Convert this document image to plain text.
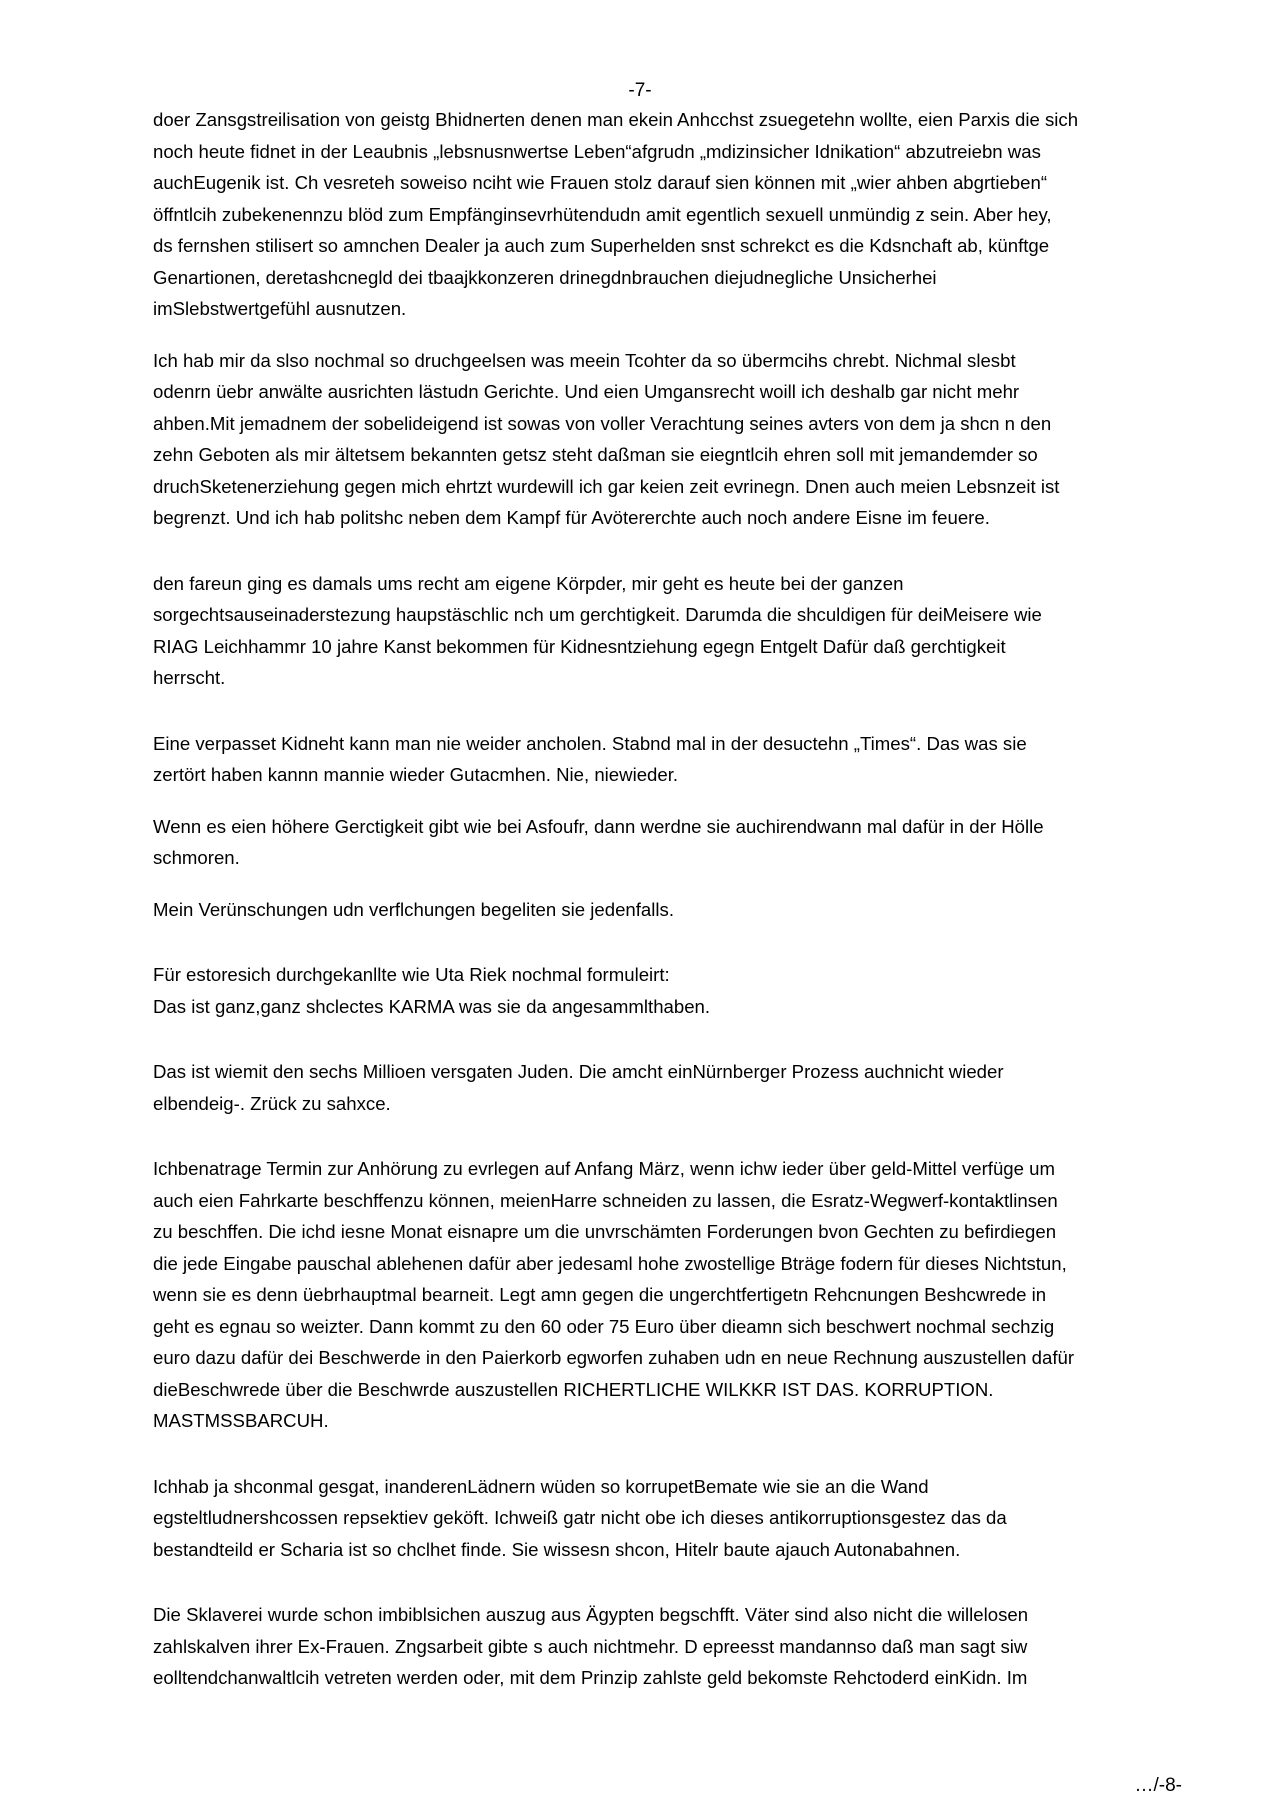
-7-

doer Zansgstreilisation von geistg Bhidnerten denen man ekein Anhcchst zsuegetehn wollte, eien Parxis die sich
noch heute fidnet in der Leaubnis „lebsnusnwertse Leben“afgrudn „mdizinsicher Idnikation“ abzutreiebn was
auchEugenik ist. Ch vesreteh soweiso nciht wie Frauen stolz darauf sien können mit „wier ahben abgrtieben“
öffntlcih zubekenennzu blöd zum Empfänginsevrhütendudn amit egentlich sexuell unmündig z sein. Aber hey,
ds fernshen stilisert so amnchen Dealer ja auch zum Superhelden snst schrekct es die Kdsnchaft ab, künftge
Genartionen, deretashcnegld dei tbaajkkonzeren drinegdnbrauchen diejudnegliche Unsicherhei
imSlebstwertgefühl ausnutzen.

Ich hab mir da slso nochmal so druchgeelsen was meein Tcohter da so übermcihs chrebt. Nichmal slesbt
odenrn üebr anwälte ausrichten lästudn Gerichte. Und eien Umgansrecht woill ich deshalb gar nicht mehr
ahben.Mit jemadnem der sobelideigend ist sowas von voller Verachtung seines avters von dem ja shcn n den
zehn Geboten als mir ältetsem bekannten getsz steht daßman sie eiegntlcih ehren soll mit jemandemder so
druchSketenerziehung gegen mich ehrtzt wurdewill ich gar keien zeit evrinegn. Dnen auch meien Lebsnzeit ist
begrenzt. Und ich hab politshc neben dem Kampf für Avötererchte auch noch andere Eisne im feuere.

den fareun ging es damals ums recht am eigene Körpder, mir geht es heute bei der ganzen
sorgechtsauseinaderstezung haupstäschlic nch um gerchtigkeit. Darumda die shculdigen für deiMeisere wie
RIAG Leichhammr 10 jahre Kanst bekommen für Kidnesntziehung egegn Entgelt Dafür daß gerchtigkeit
herrscht.

Eine verpasset Kidneht kann man nie weider ancholen. Stabnd mal in der desuctehn „Times“. Das was sie
zertört haben kannn mannie wieder Gutacmhen. Nie, niewieder.

Wenn es eien höhere Gerctigkeit gibt wie bei Asfoufr, dann werdne sie auchirendwann mal dafür in der Hölle
schmoren.

Mein Verünschungen udn verflchungen begeliten sie jedenfalls.

Für estoresich durchgekanllte wie Uta Riek nochmal formuleirt:
Das ist ganz,ganz shclectes KARMA was sie da angesammlthaben.

Das ist wiemit den sechs Millioen versgaten Juden. Die amcht einNürnberger Prozess auchnicht wieder
elbendeig-. Zrück zu sahxce.

Ichbenatrage Termin zur Anhörung zu evrlegen auf Anfang März, wenn ichw ieder über geld-Mittel verfüge um
auch eien Fahrkarte beschffenzu können, meienHarre schneiden zu lassen, die Esratz-Wegwerf-kontaktlinsen
zu beschffen. Die ichd iesne Monat eisnapre um die unvrschämten Forderungen bvon Gechten zu befirdiegen
die jede Eingabe pauschal ablehenen dafür aber jedesaml hohe zwostellige Bträge fodern für dieses Nichtstun,
wenn sie es denn üebrhauptmal bearneit. Legt amn gegen die ungerchtfertigetn Rehcnungen Beshcwrede in
geht es egnau so weizter. Dann kommt zu den 60 oder 75 Euro über dieamn sich beschwert nochmal sechzig
euro dazu dafür dei Beschwerde in den Paierkorb egworfen zuhaben udn en neue Rechnung auszustellen dafür
dieBeschwrede über die Beschwrde auszustellen RICHERTLICHE WILKKR IST DAS. KORRUPTION.
MASTMSSBARCUH.

Ichhab ja shconmal gesgat, inanderenLädnern wüden so korrupetBemate wie sie an die Wand
egsteltludnershcossen repsektiev geköft. Ichweiß gatr nicht obe ich dieses antikorruptionsgestez das da
bestandteild er Scharia ist so chclhet finde. Sie wissesn shcon, Hitelr baute ajauch Autonabahnen.

Die Sklaverei wurde schon imbiblsichen auszug aus Ägypten begschfft. Väter sind also nicht die willelosen
zahlskalven ihrer Ex-Frauen. Zngsarbeit gibte s auch nichtmehr. D epreesst mandannso daß man sagt siw
eolltendchanwaltlcih vetreten werden oder, mit dem Prinzip zahlste geld bekomste Rehctoderd einKidn. Im

…/-8-
